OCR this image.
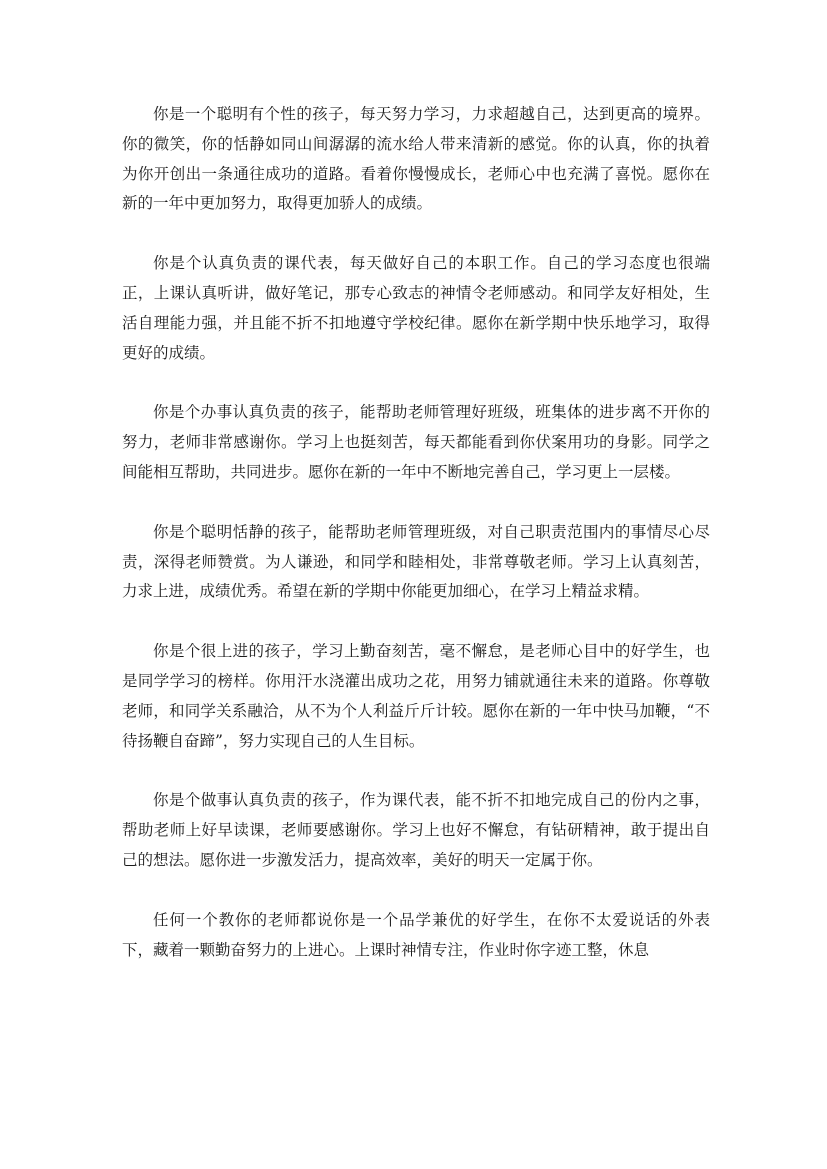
你是一个聪明有个性的孩子，每天努力学习，力求超越自己，达到更高的境界。你的微笑，你的恬静如同山间潺潺的流水给人带来清新的感觉。你的认真，你的执着为你开创出一条通往成功的道路。看着你慢慢成长，老师心中也充满了喜悦。愿你在新的一年中更加努力，取得更加骄人的成绩。

你是个认真负责的课代表，每天做好自己的本职工作。自己的学习态度也很端正，上课认真听讲，做好笔记，那专心致志的神情令老师感动。和同学友好相处，生活自理能力强，并且能不折不扣地遵守学校纪律。愿你在新学期中快乐地学习，取得更好的成绩。

你是个办事认真负责的孩子，能帮助老师管理好班级，班集体的进步离不开你的努力，老师非常感谢你。学习上也挺刻苦，每天都能看到你伏案用功的身影。同学之间能相互帮助，共同进步。愿你在新的一年中不断地完善自己，学习更上一层楼。

你是个聪明恬静的孩子，能帮助老师管理班级，对自己职责范围内的事情尽心尽责，深得老师赞赏。为人谦逊，和同学和睦相处，非常尊敬老师。学习上认真刻苦，力求上进，成绩优秀。希望在新的学期中你能更加细心，在学习上精益求精。

你是个很上进的孩子，学习上勤奋刻苦，毫不懈怠，是老师心目中的好学生，也是同学学习的榜样。你用汗水浇灌出成功之花，用努力铺就通往未来的道路。你尊敬老师，和同学关系融洽，从不为个人利益斤斤计较。愿你在新的一年中快马加鞭，“不待扬鞭自奋蹄”，努力实现自己的人生目标。

你是个做事认真负责的孩子，作为课代表，能不折不扣地完成自己的份内之事，帮助老师上好早读课，老师要感谢你。学习上也好不懈怠，有钻研精神，敢于提出自己的想法。愿你进一步激发活力，提高效率，美好的明天一定属于你。

任何一个教你的老师都说你是一个品学兼优的好学生，在你不太爱说话的外表下，藏着一颗勤奋努力的上进心。上课时神情专注，作业时你字迹工整，休息
